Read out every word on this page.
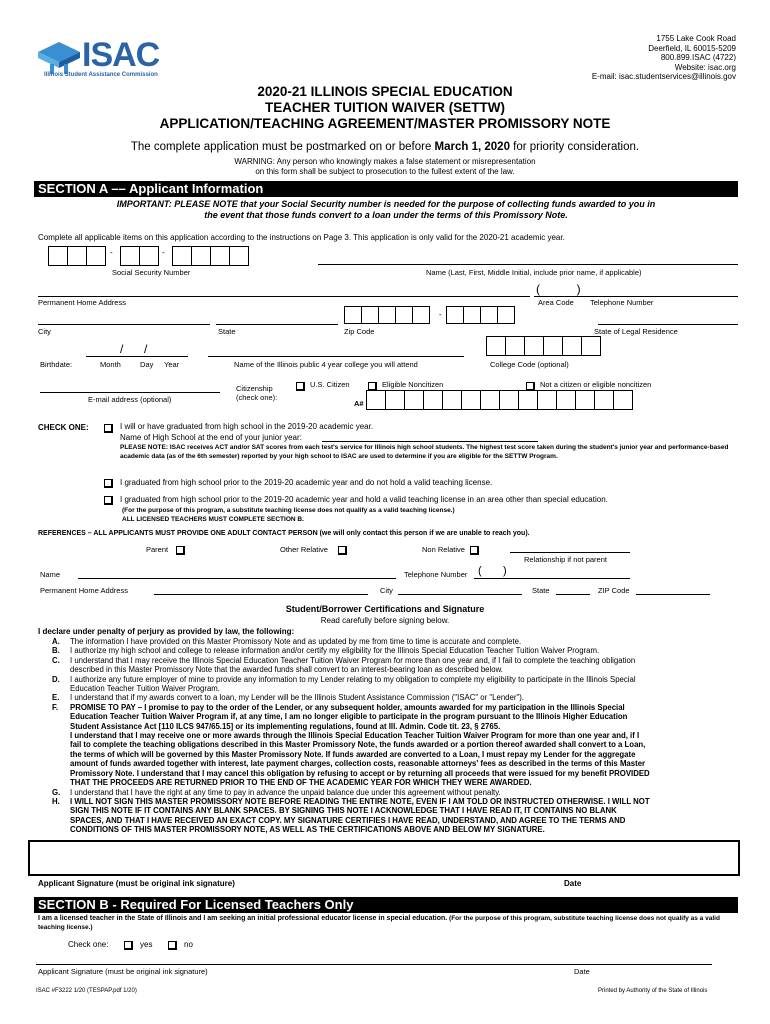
ISAC
Illinois Student Assistance Commission
1755 Lake Cook Road
Deerfield, IL 60015-5209
800.899.ISAC (4722)
Website: isac.org
E-mail: isac.studentservices@illinois.gov
2020-21 ILLINOIS SPECIAL EDUCATION
TEACHER TUITION WAIVER (SETTW)
APPLICATION/TEACHING AGREEMENT/MASTER PROMISSORY NOTE
The complete application must be postmarked on or before March 1, 2020 for priority consideration.
WARNING: Any person who knowingly makes a false statement or misrepresentation
on this form shall be subject to prosecution to the fullest extent of the law.
SECTION A –– Applicant Information
IMPORTANT: PLEASE NOTE that your Social Security number is needed for the purpose of collecting funds awarded to you in
the event that those funds convert to a loan under the terms of this Promissory Note.
Complete all applicable items on this application according to the instructions on Page 3. This application is only valid for the 2020-21 academic year.
-	-
Social Security Number	Name (Last, First, Middle Initial, include prior name, if applicable)
(           )
Permanent Home Address	Area Code Telephone Number
-
City	State	Zip Code	State of Legal Residence
Birthdate:
/ /
Month	Day Year	Name of the Illinois public 4 year college you will attend	College Code (optional)
E-mail address (optional)
Citizenship
(check one):
U.S. Citizen	Eligible Noncitizen	Not a citizen or eligible noncitizen
A#
CHECK ONE:	I will or have graduated from high school in the 2019-20 academic year.
Name of High School at the end of your junior year:
PLEASE NOTE: ISAC receives ACT and/or SAT scores from each test's service for Illinois high school students. The highest test score taken during the student's junior year and performance-based academic data (as of the 6th semester) reported by your high school to ISAC are used to determine if you are eligible for the SETTW Program.
I graduated from high school prior to the 2019-20 academic year and do not hold a valid teaching license.
I graduated from high school prior to the 2019-20 academic year and hold a valid teaching license in an area other than special education.
(For the purpose of this program, a substitute teaching license does not qualify as a valid teaching license.)
ALL LICENSED TEACHERS MUST COMPLETE SECTION B.
REFERENCES – ALL APPLICANTS MUST PROVIDE ONE ADULT CONTACT PERSON (we will only contact this person if we are unable to reach you).
Parent	Other Relative	Non Relative
Relationship if not parent
Name	Telephone Number (       )
Permanent Home Address	City	State	ZIP Code
Student/Borrower Certifications and Signature
Read carefully before signing below.
I declare under penalty of perjury as provided by law, the following:
A. The information I have provided on this Master Promissory Note and as updated by me from time to time is accurate and complete.
B. I authorize my high school and college to release information and/or certify my eligibility for the Illinois Special Education Teacher Tuition Waiver Program.
C. I understand that I may receive the Illinois Special Education Teacher Tuition Waiver Program for more than one year and, if I fail to complete the teaching obligation
described in this Master Promissory Note that the awarded funds shall convert to an interest-bearing loan as described below.
D. I authorize any future employer of mine to provide any information to my Lender relating to my obligation to complete my eligibility to participate in the Illinois Special
Education Teacher Tuition Waiver Program.
E. I understand that if my awards convert to a loan, my Lender will be the Illinois Student Assistance Commission ("ISAC" or "Lender").
F. PROMISE TO PAY – I promise to pay to the order of the Lender, or any subsequent holder, amounts awarded for my participation in the Illinois Special
Education Teacher Tuition Waiver Program if, at any time, I am no longer eligible to participate in the program pursuant to the Illinois Higher Education
Student Assistance Act [110 ILCS 947/65.15] or its implementing regulations, found at Ill. Admin. Code tit. 23, § 2765.
I understand that I may receive one or more awards through the Illinois Special Education Teacher Tuition Waiver Program for more than one year and, if I
fail to complete the teaching obligations described in this Master Promissory Note, the funds awarded or a portion thereof awarded shall convert to a Loan,
the terms of which will be governed by this Master Promissory Note. If funds awarded are converted to a Loan, I must repay my Lender for the aggregate
amount of funds awarded together with interest, late payment charges, collection costs, reasonable attorneys' fees as described in the terms of this Master
Promissory Note. I understand that I may cancel this obligation by refusing to accept or by returning all proceeds that were issued for my benefit PROVIDED
THAT THE PROCEEDS ARE RETURNED PRIOR TO THE END OF THE ACADEMIC YEAR FOR WHICH THEY WERE AWARDED.
G. I understand that I have the right at any time to pay in advance the unpaid balance due under this agreement without penalty.
H. I WILL NOT SIGN THIS MASTER PROMISSORY NOTE BEFORE READING THE ENTIRE NOTE, EVEN IF I AM TOLD OR INSTRUCTED OTHERWISE. I WILL NOT
SIGN THIS NOTE IF IT CONTAINS ANY BLANK SPACES. BY SIGNING THIS NOTE I ACKNOWLEDGE THAT I HAVE READ IT, IT CONTAINS NO BLANK
SPACES, AND THAT I HAVE RECEIVED AN EXACT COPY. MY SIGNATURE CERTIFIES I HAVE READ, UNDERSTAND, AND AGREE TO THE TERMS AND
CONDITIONS OF THIS MASTER PROMISSORY NOTE, AS WELL AS THE CERTIFICATIONS ABOVE AND BELOW MY SIGNATURE.
Applicant Signature (must be original ink signature)	Date
SECTION B - Required For Licensed Teachers Only
I am a licensed teacher in the State of Illinois and I am seeking an initial professional educator license in special education. (For the purpose of this program, substitute teaching license does not qualify as a valid teaching license.)
Check one:	yes	no
Applicant Signature (must be original ink signature)	Date
ISAC #F3222 1/20 (TESPAP.pdf 1/20)	Printed by Authority of the State of Illinois
